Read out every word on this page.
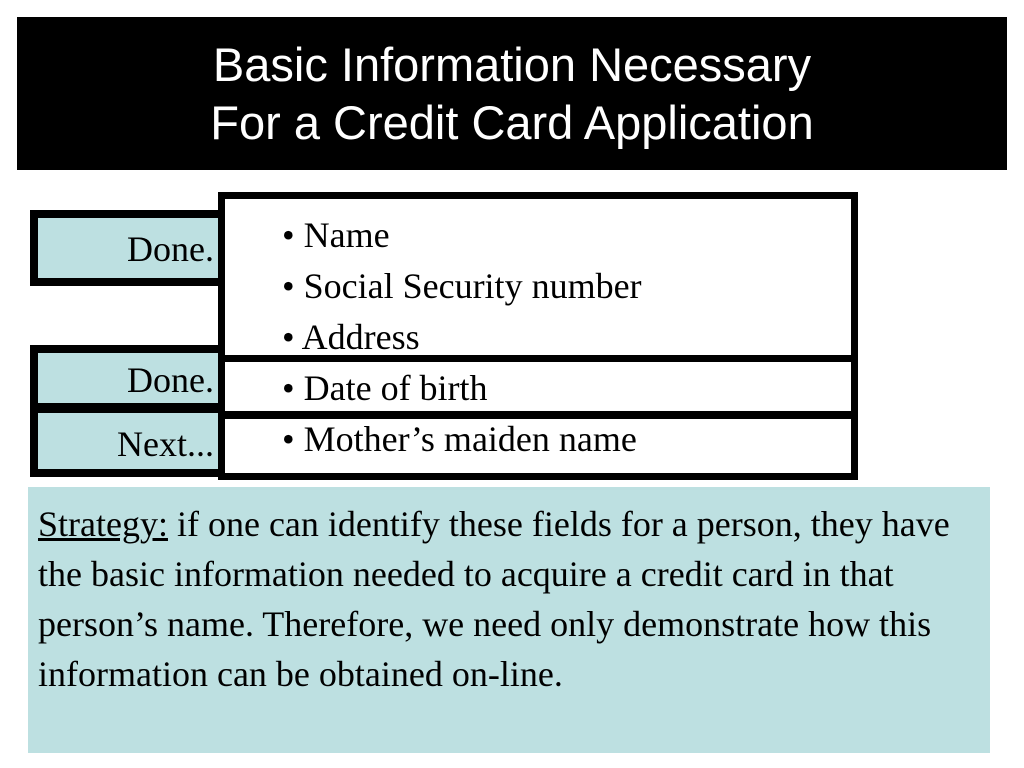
Basic Information Necessary
For a Credit Card Application
Done.
Done.
Next...
• Name
• Social Security number
• Address
• Date of birth
• Mother’s maiden name
Strategy: if one can identify these fields for a person, they have the basic information needed to acquire a credit card in that person’s name. Therefore, we need only demonstrate how this information can be obtained on-line.
